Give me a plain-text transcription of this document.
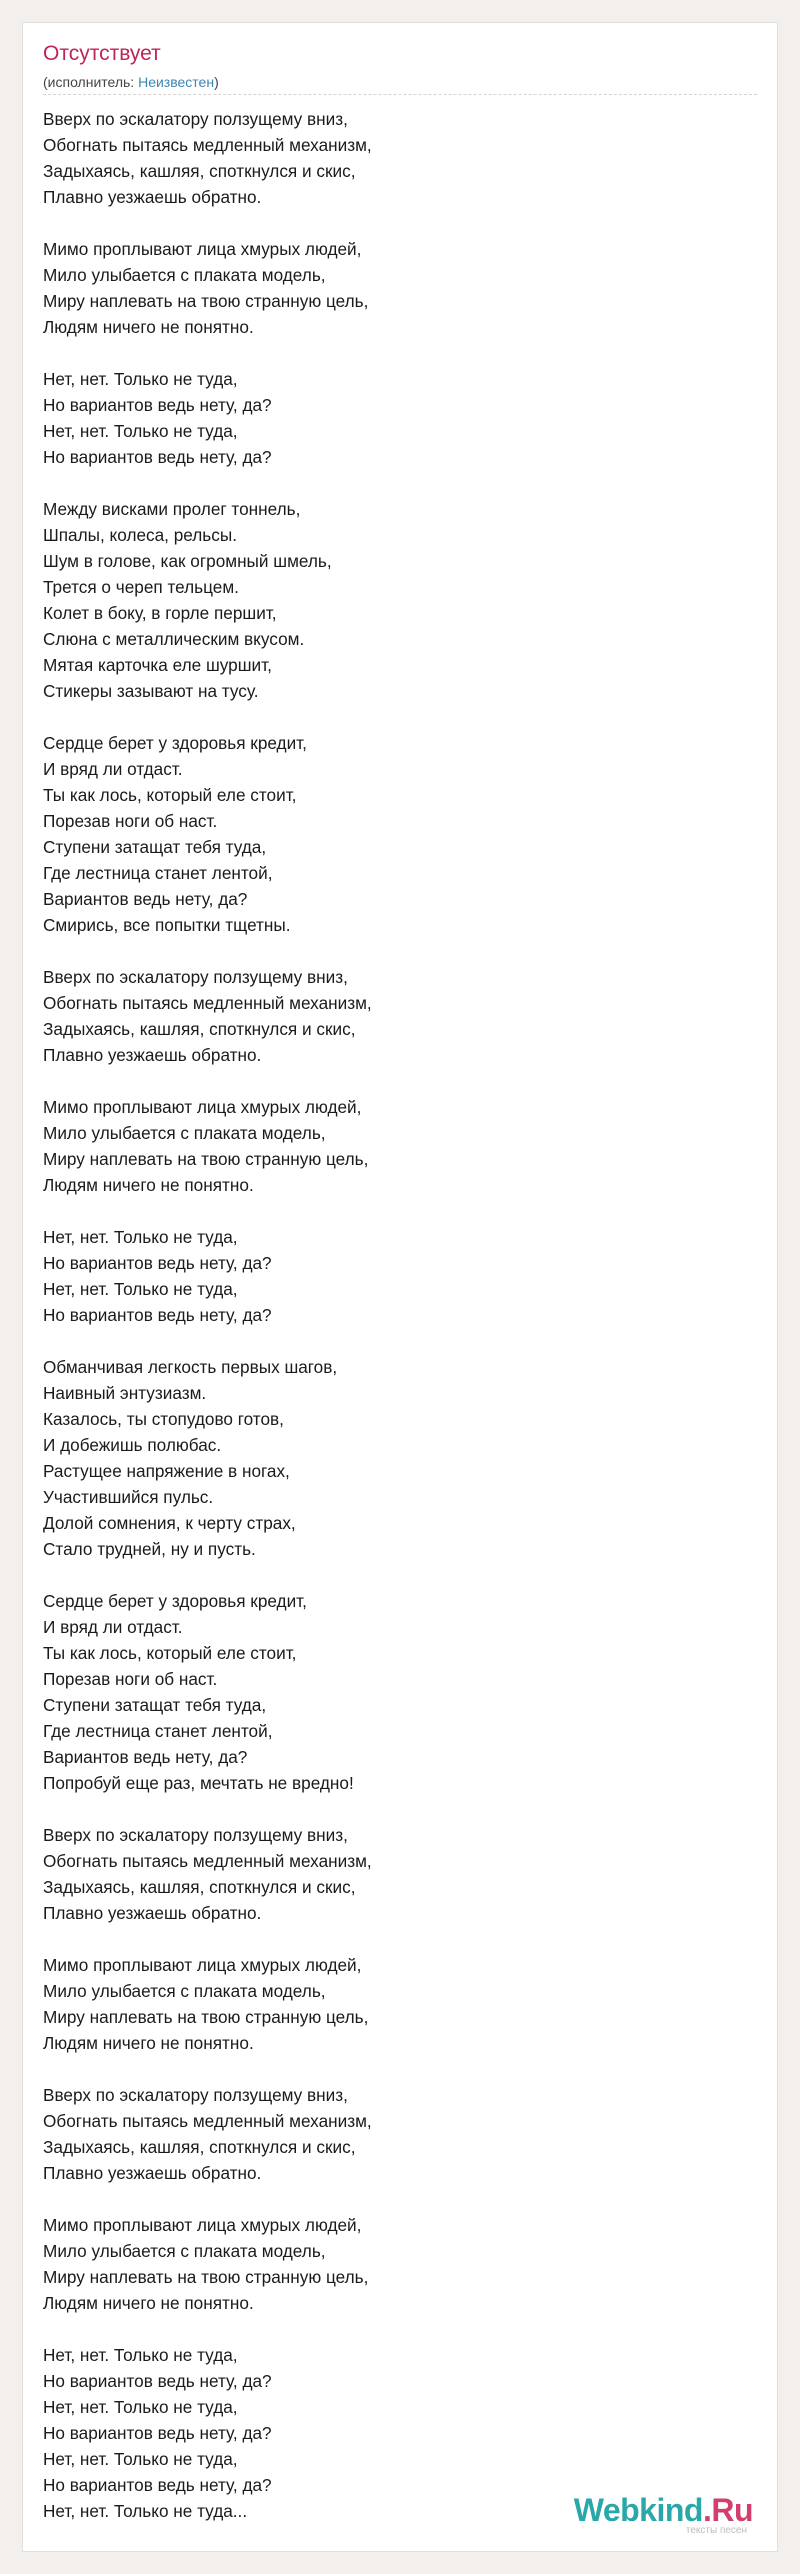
Отсутствует
(исполнитель: Неизвестен)
Вверх по эскалатору ползущему вниз,
Обогнать пытаясь медленный механизм,
Задыхаясь, кашляя, споткнулся и скис,
Плавно уезжаешь обратно.
Мимо проплывают лица хмурых людей,
Мило улыбается с плаката модель,
Миру наплевать на твою странную цель,
Людям ничего не понятно.
Нет, нет. Только не туда,
Но вариантов ведь нету, да?
Нет, нет. Только не туда,
Но вариантов ведь нету, да?
Между висками пролег тоннель,
Шпалы, колеса, рельсы.
Шум в голове, как огромный шмель,
Трется о череп тельцем.
Колет в боку, в горле першит,
Слюна с металлическим вкусом.
Мятая карточка еле шуршит,
Стикеры зазывают на тусу.
Сердце берет у здоровья кредит,
И вряд ли отдаст.
Ты как лось, который еле стоит,
Порезав ноги об наст.
Ступени затащат тебя туда,
Где лестница станет лентой,
Вариантов ведь нету, да?
Смирись, все попытки тщетны.
Вверх по эскалатору ползущему вниз,
Обогнать пытаясь медленный механизм,
Задыхаясь, кашляя, споткнулся и скис,
Плавно уезжаешь обратно.
Мимо проплывают лица хмурых людей,
Мило улыбается с плаката модель,
Миру наплевать на твою странную цель,
Людям ничего не понятно.
Нет, нет. Только не туда,
Но вариантов ведь нету, да?
Нет, нет. Только не туда,
Но вариантов ведь нету, да?
Обманчивая легкость первых шагов,
Наивный энтузиазм.
Казалось, ты стопудово готов,
И добежишь полюбас.
Растущее напряжение в ногах,
Участившийся пульс.
Долой сомнения, к черту страх,
Стало трудней, ну и пусть.
Сердце берет у здоровья кредит,
И вряд ли отдаст.
Ты как лось, который еле стоит,
Порезав ноги об наст.
Ступени затащат тебя туда,
Где лестница станет лентой,
Вариантов ведь нету, да?
Попробуй еще раз, мечтать не вредно!
Вверх по эскалатору ползущему вниз,
Обогнать пытаясь медленный механизм,
Задыхаясь, кашляя, споткнулся и скис,
Плавно уезжаешь обратно.
Мимо проплывают лица хмурых людей,
Мило улыбается с плаката модель,
Миру наплевать на твою странную цель,
Людям ничего не понятно.
Вверх по эскалатору ползущему вниз,
Обогнать пытаясь медленный механизм,
Задыхаясь, кашляя, споткнулся и скис,
Плавно уезжаешь обратно.
Мимо проплывают лица хмурых людей,
Мило улыбается с плаката модель,
Миру наплевать на твою странную цель,
Людям ничего не понятно.
Нет, нет. Только не туда,
Но вариантов ведь нету, да?
Нет, нет. Только не туда,
Но вариантов ведь нету, да?
Нет, нет. Только не туда,
Но вариантов ведь нету, да?
Нет, нет. Только не туда...	Webkind.Ru
тексты песен
